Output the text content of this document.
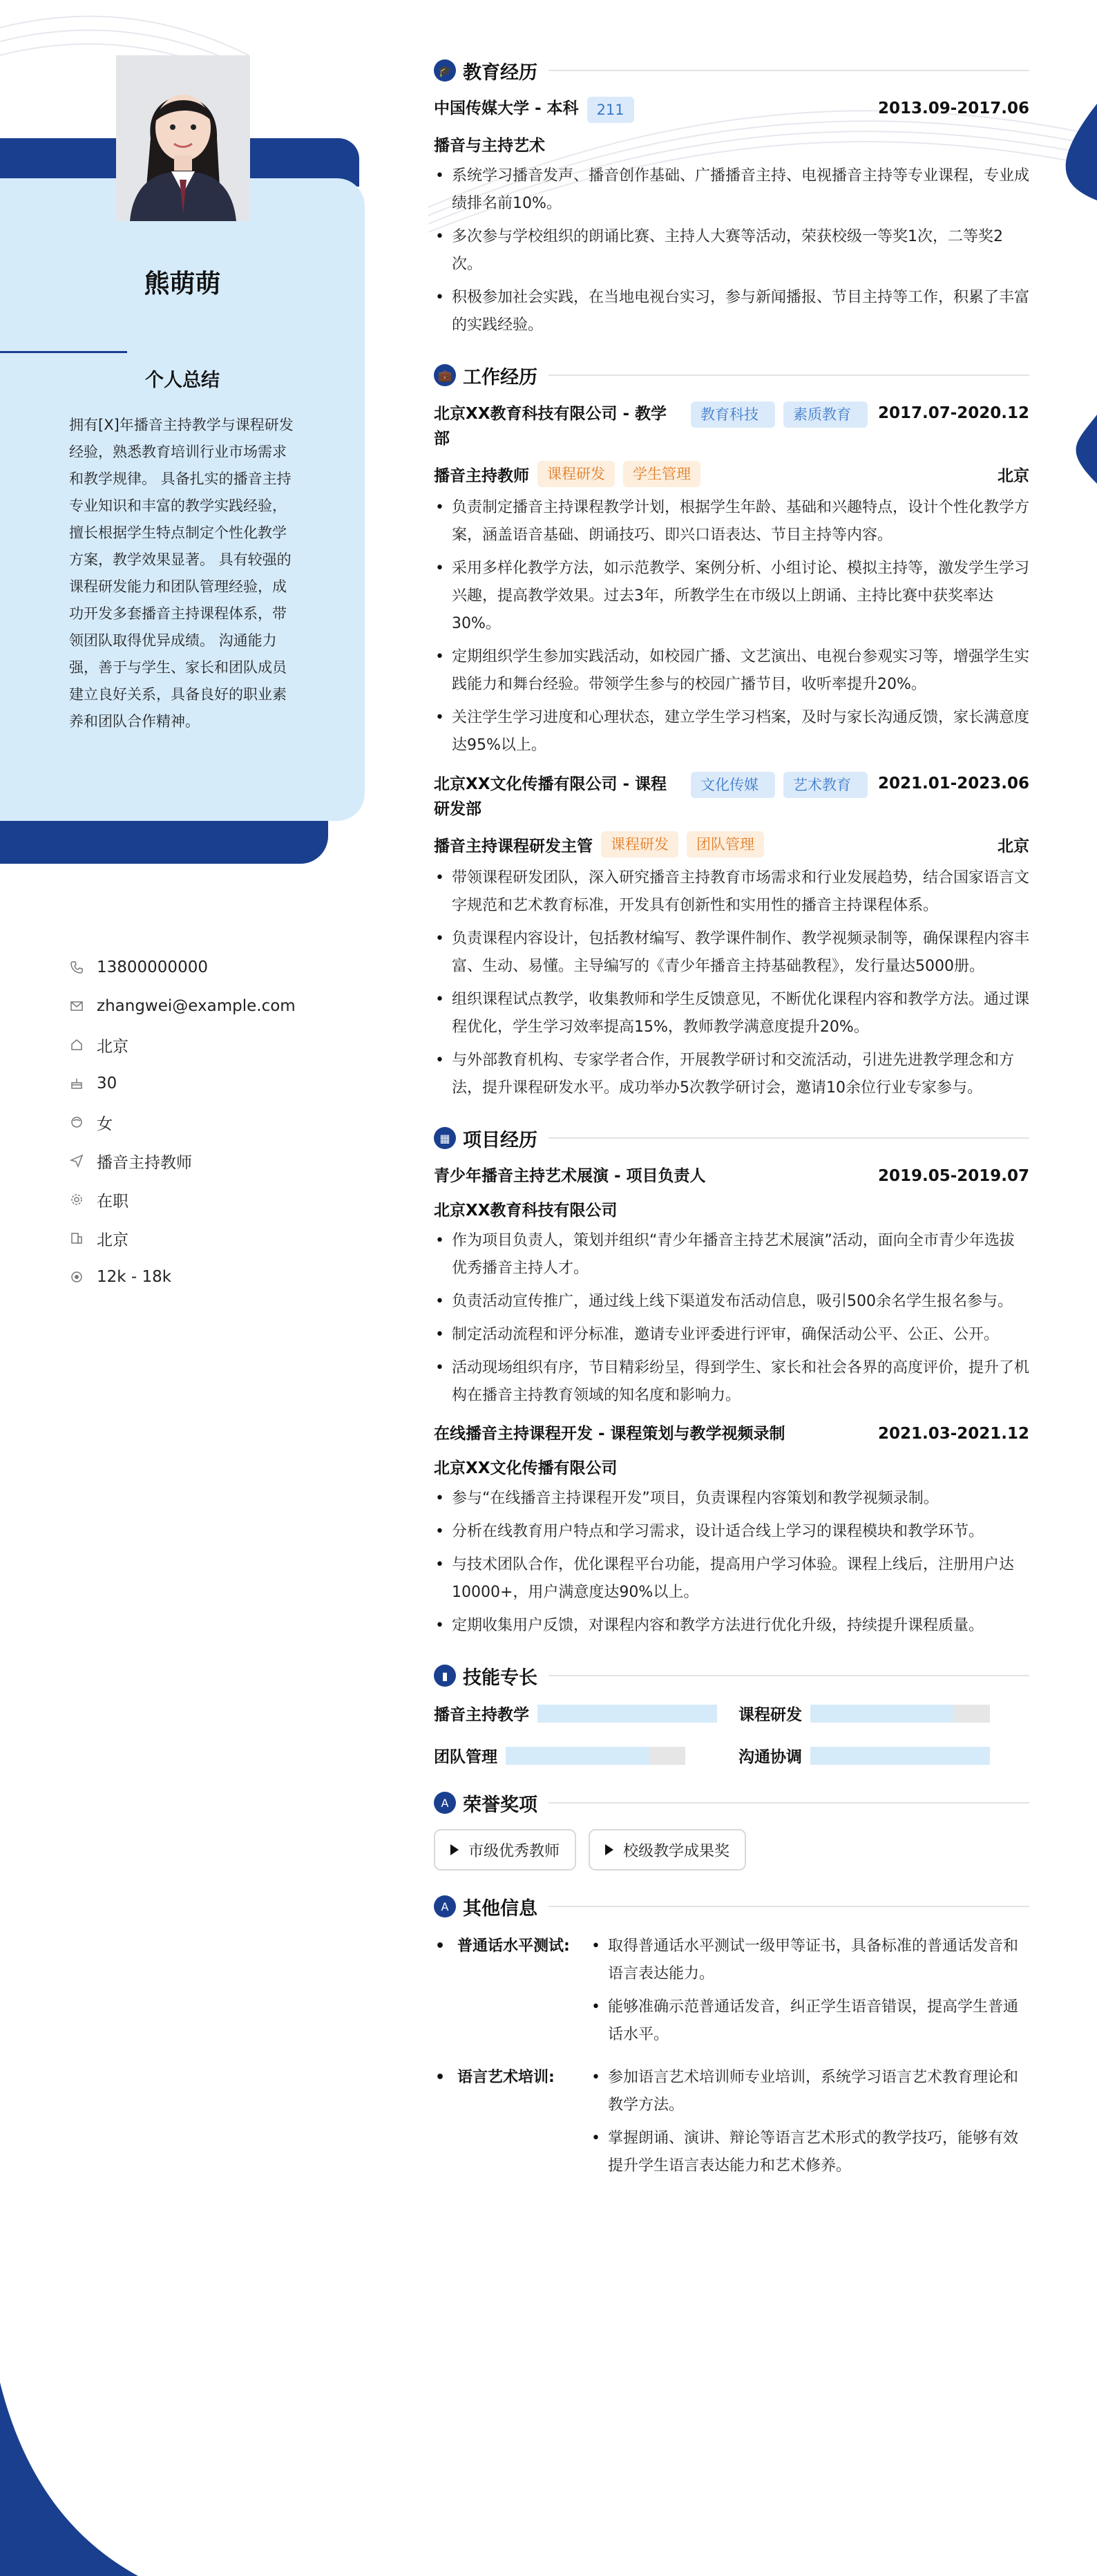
熊萌萌
个人总结
拥有[X]年播音主持教学与课程研发经验，熟悉教育培训行业市场需求和教学规律。 具备扎实的播音主持专业知识和丰富的教学实践经验，擅长根据学生特点制定个性化教学方案，教学效果显著。 具有较强的课程研发能力和团队管理经验，成功开发多套播音主持课程体系，带领团队取得优异成绩。 沟通能力强，善于与学生、家长和团队成员建立良好关系，具备良好的职业素养和团队合作精神。
13800000000
zhangwei@example.com
北京
30
女
播音主持教师
在职
北京
12k - 18k
🎓 教育经历
中国传媒大学 - 本科	211	2013.09-2017.06
播音与主持艺术
• 系统学习播音发声、播音创作基础、广播播音主持、电视播音主持等专业课程，专业成绩排名前10%。
• 多次参与学校组织的朗诵比赛、主持人大赛等活动，荣获校级一等奖1次，二等奖2次。
• 积极参加社会实践，在当地电视台实习，参与新闻播报、节目主持等工作，积累了丰富的实践经验。
💼 工作经历
北京XX教育科技有限公司 - 教学部
教育科技	素质教育	2017.07-2020.12
播音主持教师	课程研发	学生管理	北京
• 负责制定播音主持课程教学计划，根据学生年龄、基础和兴趣特点，设计个性化教学方案，涵盖语音基础、朗诵技巧、即兴口语表达、节目主持等内容。
• 采用多样化教学方法，如示范教学、案例分析、小组讨论、模拟主持等，激发学生学习兴趣，提高教学效果。过去3年，所教学生在市级以上朗诵、主持比赛中获奖率达30%。
• 定期组织学生参加实践活动，如校园广播、文艺演出、电视台参观实习等，增强学生实践能力和舞台经验。带领学生参与的校园广播节目，收听率提升20%。
• 关注学生学习进度和心理状态，建立学生学习档案，及时与家长沟通反馈，家长满意度达95%以上。
北京XX文化传播有限公司 - 课程研发部
文化传媒	艺术教育	2021.01-2023.06
播音主持课程研发主管	课程研发	团队管理	北京
• 带领课程研发团队，深入研究播音主持教育市场需求和行业发展趋势，结合国家语言文字规范和艺术教育标准，开发具有创新性和实用性的播音主持课程体系。
• 负责课程内容设计，包括教材编写、教学课件制作、教学视频录制等，确保课程内容丰富、生动、易懂。主导编写的《青少年播音主持基础教程》，发行量达5000册。
• 组织课程试点教学，收集教师和学生反馈意见，不断优化课程内容和教学方法。通过课程优化，学生学习效率提高15%，教师教学满意度提升20%。
• 与外部教育机构、专家学者合作，开展教学研讨和交流活动，引进先进教学理念和方法，提升课程研发水平。成功举办5次教学研讨会，邀请10余位行业专家参与。
▦ 项目经历
青少年播音主持艺术展演 - 项目负责人	2019.05-2019.07
北京XX教育科技有限公司
• 作为项目负责人，策划并组织“青少年播音主持艺术展演”活动，面向全市青少年选拔优秀播音主持人才。
• 负责活动宣传推广，通过线上线下渠道发布活动信息，吸引500余名学生报名参与。
• 制定活动流程和评分标准，邀请专业评委进行评审，确保活动公平、公正、公开。
• 活动现场组织有序，节目精彩纷呈，得到学生、家长和社会各界的高度评价，提升了机构在播音主持教育领域的知名度和影响力。
在线播音主持课程开发 - 课程策划与教学视频录制	2021.03-2021.12
北京XX文化传播有限公司
• 参与“在线播音主持课程开发”项目，负责课程内容策划和教学视频录制。
• 分析在线教育用户特点和学习需求，设计适合线上学习的课程模块和教学环节。
• 与技术团队合作，优化课程平台功能，提高用户学习体验。课程上线后，注册用户达10000+，用户满意度达90%以上。
• 定期收集用户反馈，对课程内容和教学方法进行优化升级，持续提升课程质量。
▮ 技能专长
播音主持教学	课程研发
团队管理	沟通协调
A 荣誉奖项
市级优秀教师	校级教学成果奖
A 其他信息
• 普通话水平测试:	• 取得普通话水平测试一级甲等证书，具备标准的普通话发音和语言表达能力。
• 能够准确示范普通话发音，纠正学生语音错误，提高学生普通话水平。
• 语言艺术培训:	• 参加语言艺术培训师专业培训，系统学习语言艺术教育理论和教学方法。
• 掌握朗诵、演讲、辩论等语言艺术形式的教学技巧，能够有效提升学生语言表达能力和艺术修养。
